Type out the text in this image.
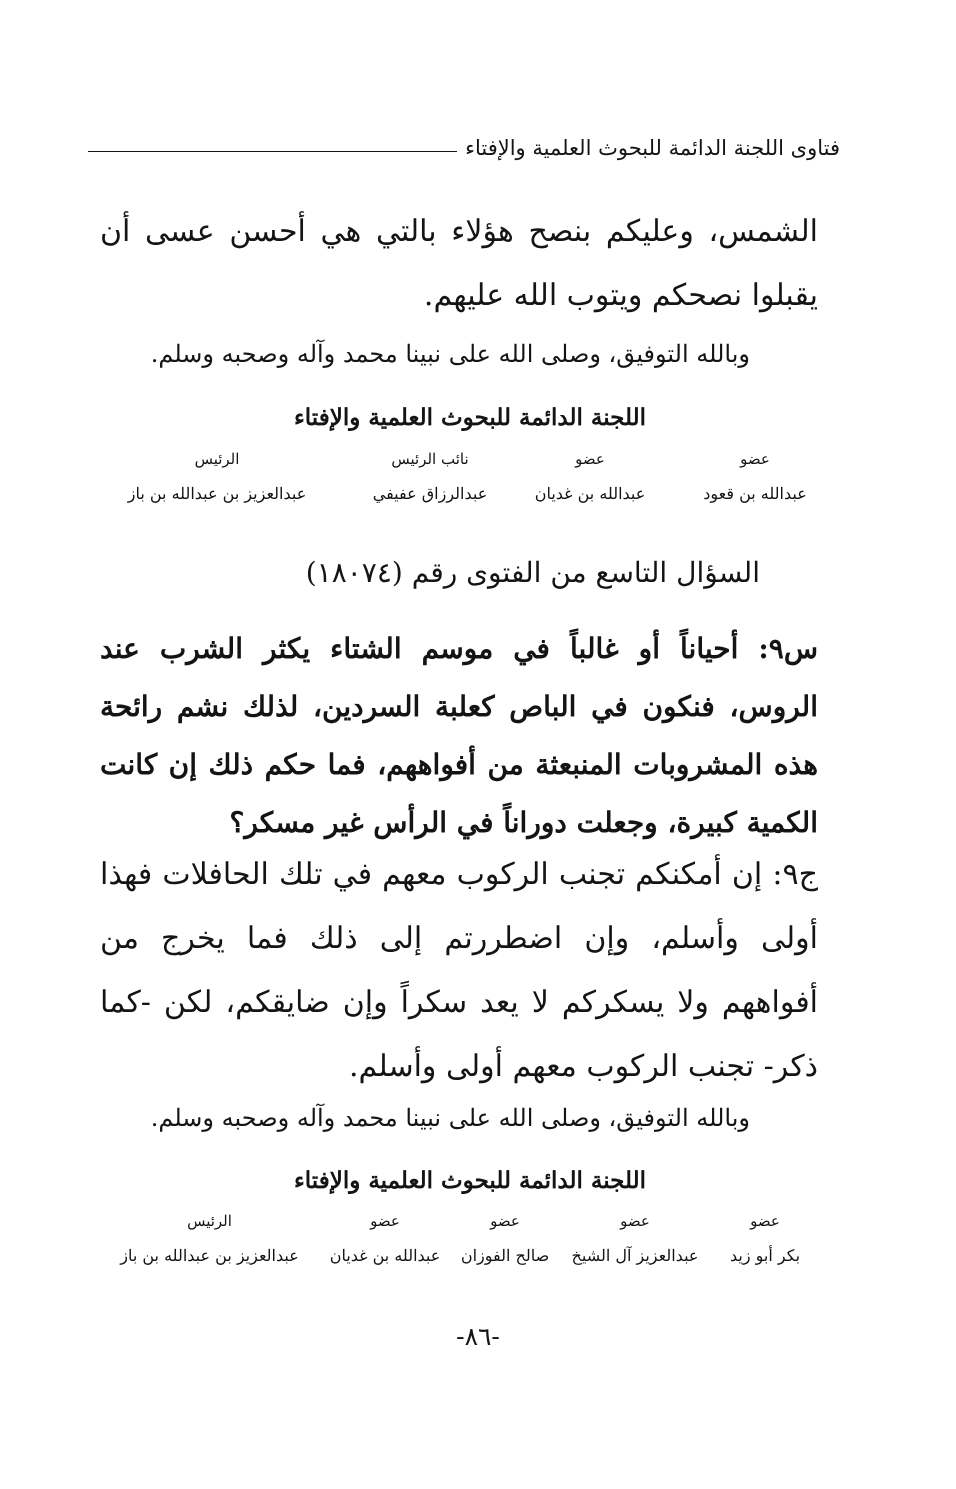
فتاوى اللجنة الدائمة للبحوث العلمية والإفتاء
الشمس، وعليكم بنصح هؤلاء بالتي هي أحسن عسى أن يقبلوا نصحكم ويتوب الله عليهم.
وبالله التوفيق، وصلى الله على نبينا محمد وآله وصحبه وسلم.
اللجنة الدائمة للبحوث العلمية والإفتاء
عضو
عبدالله بن قعود
عضو
عبدالله بن غديان
نائب الرئيس
عبدالرزاق عفيفي
الرئيس
عبدالعزيز بن عبدالله بن باز
السؤال التاسع من الفتوى رقم (١٨٠٧٤)
س٩: أحياناً أو غالباً في موسم الشتاء يكثر الشرب عند الروس، فنكون في الباص كعلبة السردين، لذلك نشم رائحة هذه المشروبات المنبعثة من أفواههم، فما حكم ذلك إن كانت الكمية كبيرة، وجعلت دوراناً في الرأس غير مسكر؟
ج٩: إن أمكنكم تجنب الركوب معهم في تلك الحافلات فهذا أولى وأسلم، وإن اضطررتم إلى ذلك فما يخرج من أفواههم ولا يسكركم لا يعد سكراً وإن ضايقكم، لكن -كما ذكر- تجنب الركوب معهم أولى وأسلم.
وبالله التوفيق، وصلى الله على نبينا محمد وآله وصحبه وسلم.
اللجنة الدائمة للبحوث العلمية والإفتاء
عضو
بكر أبو زيد
عضو
عبدالعزيز آل الشيخ
عضو
صالح الفوزان
عضو
عبدالله بن غديان
الرئيس
عبدالعزيز بن عبدالله بن باز
-٨٦-
